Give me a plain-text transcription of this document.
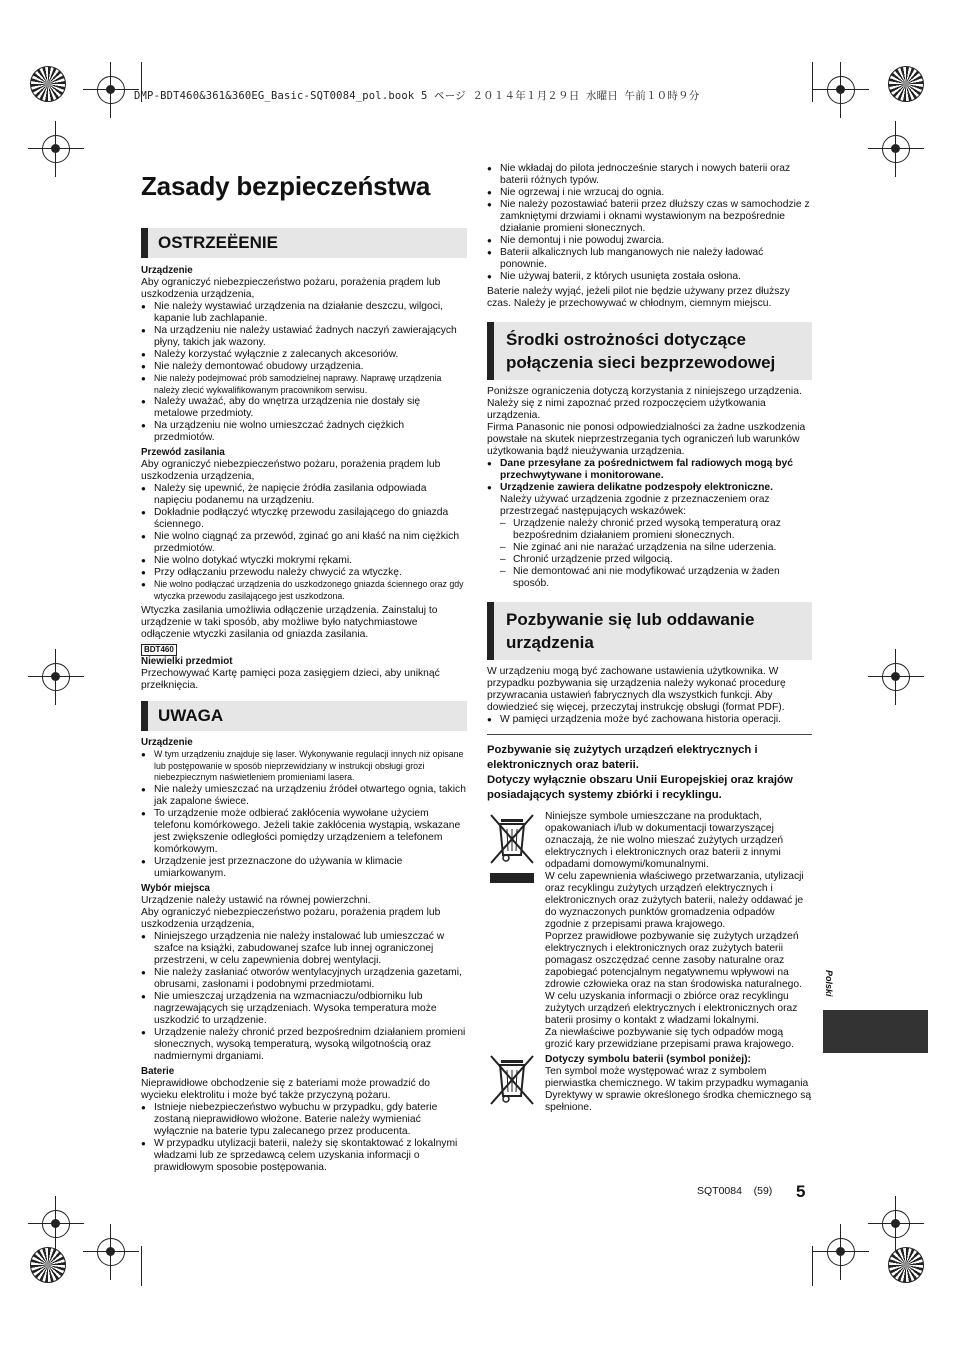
DMP-BDT460&361&360EG_Basic-SQT0084_pol.book 5 ページ ２０１４年１月２９日 水曜日 午前１０時９分
Zasady bezpieczeństwa
OSTRZEËENIE
Urządzenie

Aby ograniczyć niebezpieczeństwo pożaru, porażenia prądem lub uszkodzenia urządzenia,

● Nie należy wystawiać urządzenia na działanie deszczu, wilgoci, kapanie lub zachlapanie.
● Na urządzeniu nie należy ustawiać żadnych naczyń zawierających płyny, takich jak wazony.
● Należy korzystać wyłącznie z zalecanych akcesoriów.
● Nie należy demontować obudowy urządzenia.
● Nie należy podejmować prób samodzielnej naprawy. Naprawę urządzenia należy zlecić wykwalifikowanym pracownikom serwisu.
● Należy uważać, aby do wnętrza urządzenia nie dostały się metalowe przedmioty.
● Na urządzeniu nie wolno umieszczać żadnych ciężkich przedmiotów.
Przewód zasilania

Aby ograniczyć niebezpieczeństwo pożaru, porażenia prądem lub uszkodzenia urządzenia,

● Należy się upewnić, że napięcie źródła zasilania odpowiada napięciu podanemu na urządzeniu.
● Dokładnie podłączyć wtyczkę przewodu zasilającego do gniazda ściennego.
● Nie wolno ciągnąć za przewód, zginać go ani kłaść na nim ciężkich przedmiotów.
● Nie wolno dotykać wtyczki mokrymi rękami.
● Przy odłączaniu przewodu należy chwycić za wtyczkę.
● Nie wolno podłączać urządzenia do uszkodzonego gniazda ściennego oraz gdy wtyczka przewodu zasilającego jest uszkodzona.

Wtyczka zasilania umożliwia odłączenie urządzenia. Zainstaluj to urządzenie w taki sposób, aby możliwe było natychmiastowe odłączenie wtyczki zasilania od gniazda zasilania.

BDT460
Niewielki przedmiot

Przechowywać Kartę pamięci poza zasięgiem dzieci, aby uniknąć przełknięcia.

UWAGA
Urządzenie
● W tym urządzeniu znajduje się laser. Wykonywanie regulacji innych niż opisane lub postępowanie w sposób nieprzewidziany w instrukcji obsługi grozi niebezpiecznym naświetleniem promieniami lasera.
● Nie należy umieszczać na urządzeniu źródeł otwartego ognia, takich jak zapalone świece.
● To urządzenie może odbierać zakłócenia wywołane użyciem telefonu komórkowego. Jeżeli takie zakłócenia wystąpią, wskazane jest zwiększenie odległości pomiędzy urządzeniem a telefonem komórkowym.
● Urządzenie jest przeznaczone do używania w klimacie umiarkowanym.
Wybór miejsca

Urządzenie należy ustawić na równej powierzchni.

Aby ograniczyć niebezpieczeństwo pożaru, porażenia prądem lub uszkodzenia urządzenia,

● Niniejszego urządzenia nie należy instalować lub umieszczać w szafce na książki, zabudowanej szafce lub innej ograniczonej przestrzeni, w celu zapewnienia dobrej wentylacji.
● Nie należy zasłaniać otworów wentylacyjnych urządzenia gazetami, obrusami, zasłonami i podobnymi przedmiotami.
● Nie umieszczaj urządzenia na wzmacniaczu/odbiorniku lub nagrzewających się urządzeniach. Wysoka temperatura może uszkodzić to urządzenie.
● Urządzenie należy chronić przed bezpośrednim działaniem promieni słonecznych, wysoką temperaturą, wysoką wilgotnością oraz nadmiernymi drganiami.
Baterie

Nieprawidłowe obchodzenie się z bateriami może prowadzić do wycieku elektrolitu i może być także przyczyną pożaru.

● Istnieje niebezpieczeństwo wybuchu w przypadku, gdy baterie zostaną nieprawidłowo włożone. Baterie należy wymieniać wyłącznie na baterie typu zalecanego przez producenta.
● W przypadku utylizacji baterii, należy się skontaktować z lokalnymi władzami lub ze sprzedawcą celem uzyskania informacji o prawidłowym sposobie postępowania.
● Nie wkładaj do pilota jednocześnie starych i nowych baterii oraz baterii różnych typów.
● Nie ogrzewaj i nie wrzucaj do ognia.
● Nie należy pozostawiać baterii przez dłuższy czas w samochodzie z zamkniętymi drzwiami i oknami wystawionym na bezpośrednie działanie promieni słonecznych.
● Nie demontuj i nie powoduj zwarcia.
● Baterii alkalicznych lub manganowych nie należy ładować ponownie.
● Nie używaj baterii, z których usunięta została osłona.

Baterie należy wyjąć, jeżeli pilot nie będzie używany przez dłuższy czas. Należy je przechowywać w chłodnym, ciemnym miejscu.

Środki ostrożności dotyczące połączenia sieci bezprzewodowej

Poniższe ograniczenia dotyczą korzystania z niniejszego urządzenia. Należy się z nimi zapoznać przed rozpoczęciem użytkowania urządzenia.

Firma Panasonic nie ponosi odpowiedzialności za żadne uszkodzenia powstałe na skutek nieprzestrzegania tych ograniczeń lub warunków użytkowania bądź nieużywania urządzenia.

● Dane przesyłane za pośrednictwem fal radiowych mogą być przechwytywane i monitorowane.
● Urządzenie zawiera delikatne podzespoły elektroniczne.

Należy używać urządzenia zgodnie z przeznaczeniem oraz przestrzegać następujących wskazówek:

– Urządzenie należy chronić przed wysoką temperaturą oraz bezpośrednim działaniem promieni słonecznych.
– Nie zginać ani nie narażać urządzenia na silne uderzenia.
– Chronić urządzenie przed wilgocią.
– Nie demontować ani nie modyfikować urządzenia w żaden sposób.
Pozbywanie się lub oddawanie urządzenia

W urządzeniu mogą być zachowane ustawienia użytkownika. W przypadku pozbywania się urządzenia należy wykonać procedurę przywracania ustawień fabrycznych dla wszystkich funkcji. Aby dowiedzieć się więcej, przeczytaj instrukcję obsługi (format PDF).

● W pamięci urządzenia może być zachowana historia operacji.
Pozbywanie się zużytych urządzeń elektrycznych i elektronicznych oraz baterii.
Dotyczy wyłącznie obszaru Unii Europejskiej oraz krajów posiadających systemy zbiórki i recyklingu.

Niniejsze symbole umieszczane na produktach, opakowaniach i/lub w dokumentacji towarzyszącej oznaczają, że nie wolno mieszać zużytych urządzeń elektrycznych i elektronicznych oraz baterii z innymi odpadami domowymi/komunalnymi.

W celu zapewnienia właściwego przetwarzania, utylizacji oraz recyklingu zużytych urządzeń elektrycznych i elektronicznych oraz zużytych baterii, należy oddawać je do wyznaczonych punktów gromadzenia odpadów zgodnie z przepisami prawa krajowego.

Poprzez prawidłowe pozbywanie się zużytych urządzeń elektrycznych i elektronicznych oraz zużytych baterii pomagasz oszczędzać cenne zasoby naturalne oraz zapobiegać potencjalnym negatywnemu wpływowi na zdrowie człowieka oraz na stan środowiska naturalnego.

W celu uzyskania informacji o zbiórce oraz recyklingu zużytych urządzeń elektrycznych i elektronicznych oraz baterii prosimy o kontakt z władzami lokalnymi.

Za niewłaściwe pozbywanie się tych odpadów mogą grozić kary przewidziane przepisami prawa krajowego.

Dotyczy symbolu baterii (symbol poniżej):

Ten symbol może występować wraz z symbolem pierwiastka chemicznego. W takim przypadku wymagania Dyrektywy w sprawie określonego środka chemicznego są spełnione.

Polski
SQT0084 (59) 5
